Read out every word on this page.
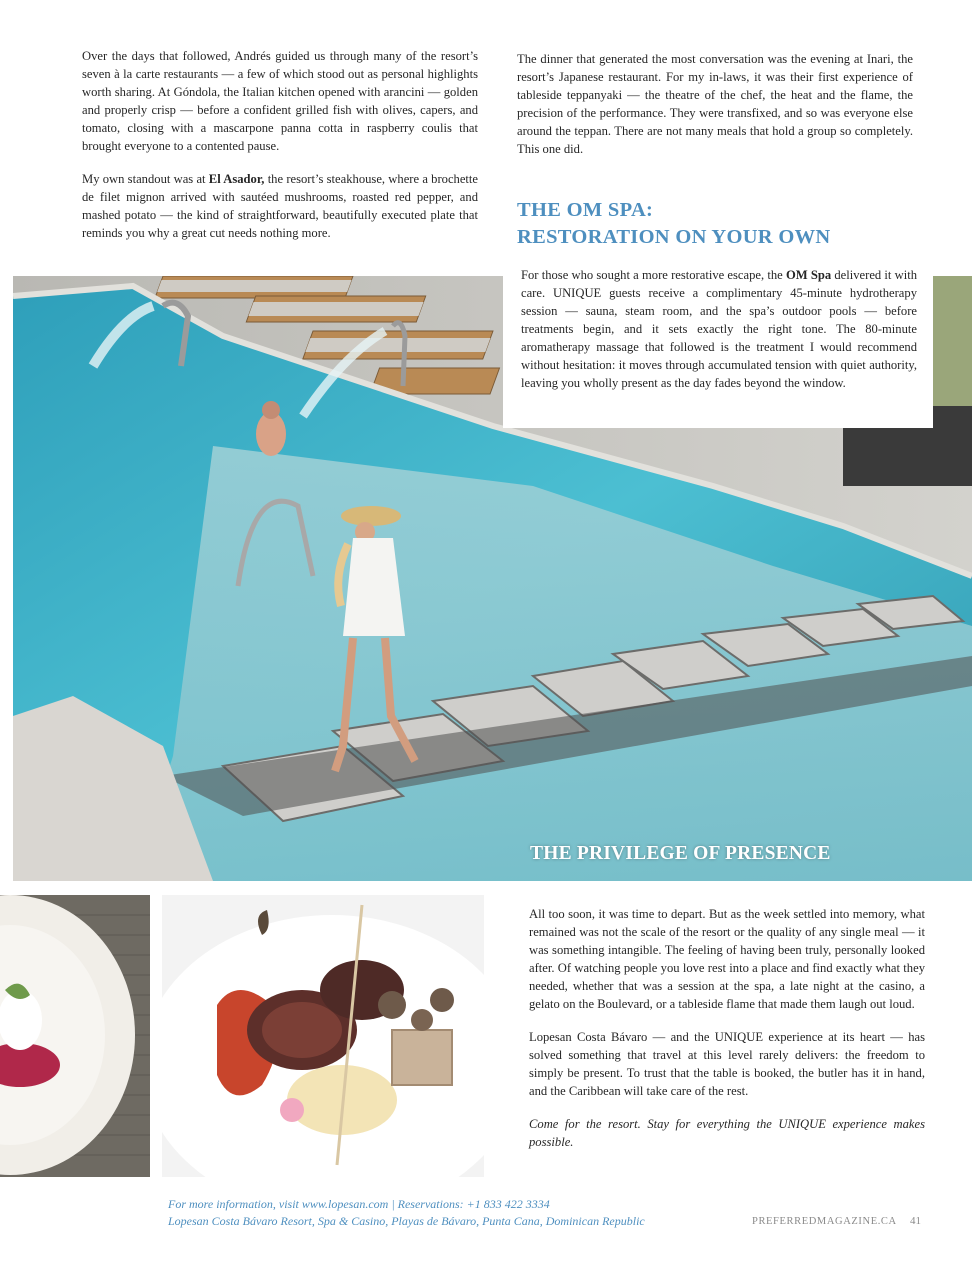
Over the days that followed, Andrés guided us through many of the resort’s seven à la carte restaurants — a few of which stood out as personal highlights worth sharing. At Góndola, the Italian kitchen opened with arancini — golden and properly crisp — before a confident grilled fish with olives, capers, and tomato, closing with a mascarpone panna cotta in raspberry coulis that brought everyone to a contented pause.

My own standout was at El Asador, the resort’s steakhouse, where a brochette de filet mignon arrived with sautéed mushrooms, roasted red pepper, and mashed potato — the kind of straightforward, beautifully executed plate that reminds you why a great cut needs nothing more.

The dinner that generated the most conversation was the evening at Inari, the resort’s Japanese restaurant. For my in-laws, it was their first experience of tableside teppanyaki — the theatre of the chef, the heat and the flame, the precision of the performance. They were transfixed, and so was everyone else around the teppan. There are not many meals that hold a group so completely. This one did.

THE OM SPA:
RESTORATION ON YOUR OWN
For those who sought a more restorative escape, the OM Spa delivered it with care. UNIQUE guests receive a complimentary 45-minute hydrotherapy session — sauna, steam room, and the spa’s outdoor pools — before treatments begin, and it sets exactly the right tone. The 80-minute aromatherapy massage that followed is the treatment I would recommend without hesitation: it moves through accumulated tension with quiet authority, leaving you wholly present as the day fades beyond the window.
THE PRIVILEGE OF PRESENCE

All too soon, it was time to depart. But as the week settled into memory, what remained was not the scale of the resort or the quality of any single meal — it was something intangible. The feeling of having been truly, personally looked after. Of watching people you love rest into a place and find exactly what they needed, whether that was a session at the spa, a late night at the casino, a gelato on the Boulevard, or a tableside flame that made them laugh out loud.

Lopesan Costa Bávaro — and the UNIQUE experience at its heart — has solved something that travel at this level rarely delivers: the freedom to simply be present. To trust that the table is booked, the butler has it in hand, and the Caribbean will take care of the rest.

Come for the resort. Stay for everything the UNIQUE experience makes possible.

For more information, visit www.lopesan.com | Reservations: +1 833 422 3334
Lopesan Costa Bávaro Resort, Spa & Casino, Playas de Bávaro, Punta Cana, Dominican Republic	PREFERREDMAGAZINE.CA 41
